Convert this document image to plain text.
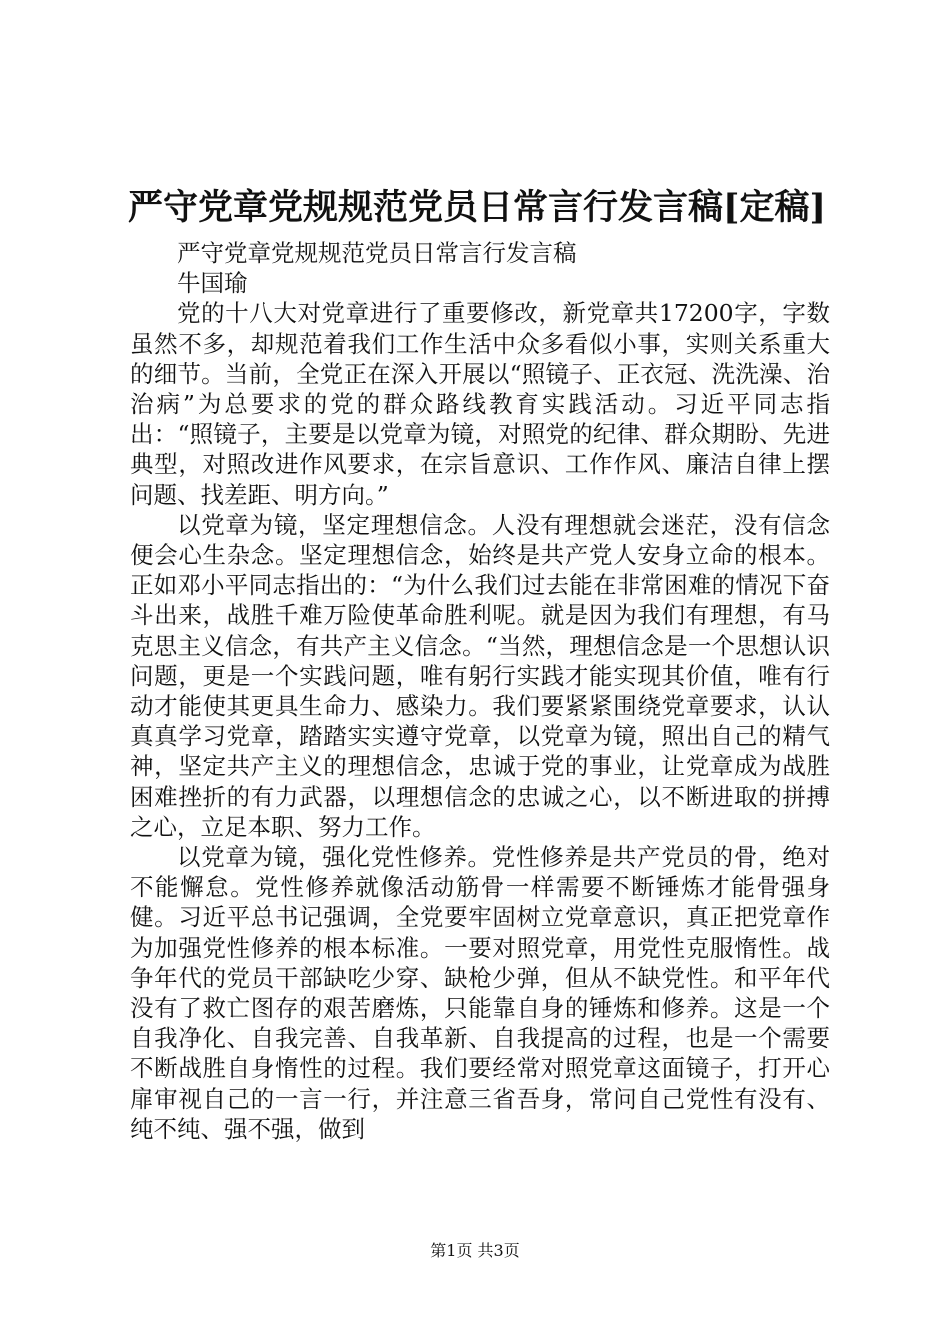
严守党章党规规范党员日常言行发言稿[定稿]

严守党章党规规范党员日常言行发言稿

牛国瑜

党的十八大对党章进行了重要修改，新党章共17200字，字数虽然不多，却规范着我们工作生活中众多看似小事，实则关系重大的细节。当前，全党正在深入开展以“照镜子、正衣冠、洗洗澡、治治病”为总要求的党的群众路线教育实践活动。习近平同志指出：“照镜子，主要是以党章为镜，对照党的纪律、群众期盼、先进典型，对照改进作风要求，在宗旨意识、工作作风、廉洁自律上摆问题、找差距、明方向。”

以党章为镜，坚定理想信念。人没有理想就会迷茫，没有信念便会心生杂念。坚定理想信念，始终是共产党人安身立命的根本。正如邓小平同志指出的：“为什么我们过去能在非常困难的情况下奋斗出来，战胜千难万险使革命胜利呢。就是因为我们有理想，有马克思主义信念，有共产主义信念。“当然，理想信念是一个思想认识问题，更是一个实践问题，唯有躬行实践才能实现其价值，唯有行动才能使其更具生命力、感染力。我们要紧紧围绕党章要求，认认真真学习党章，踏踏实实遵守党章，以党章为镜，照出自己的精气神，坚定共产主义的理想信念，忠诚于党的事业，让党章成为战胜困难挫折的有力武器，以理想信念的忠诚之心，以不断进取的拼搏之心，立足本职、努力工作。

以党章为镜，强化党性修养。党性修养是共产党员的骨，绝对不能懈怠。党性修养就像活动筋骨一样需要不断锤炼才能骨强身健。习近平总书记强调，全党要牢固树立党章意识，真正把党章作为加强党性修养的根本标准。一要对照党章，用党性克服惰性。战争年代的党员干部缺吃少穿、缺枪少弹，但从不缺党性。和平年代没有了救亡图存的艰苦磨炼，只能靠自身的锤炼和修养。这是一个自我净化、自我完善、自我革新、自我提高的过程，也是一个需要不断战胜自身惰性的过程。我们要经常对照党章这面镜子，打开心扉审视自己的一言一行，并注意三省吾身，常问自己党性有没有、纯不纯、强不强，做到

第1页 共3页
